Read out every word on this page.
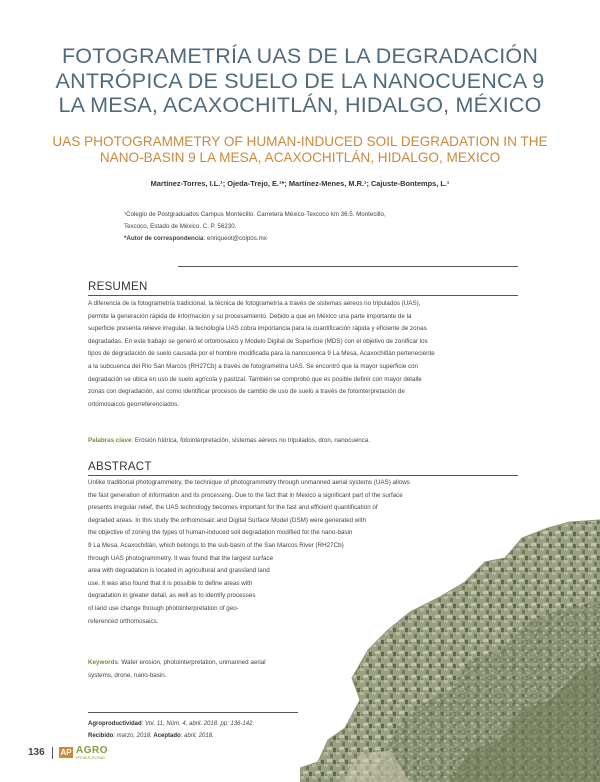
FOTOGRAMETRÍA UAS DE LA DEGRADACIÓN
ANTRÓPICA DE SUELO DE LA NANOCUENCA 9
LA MESA, ACAXOCHITLÁN, HIDALGO, MÉXICO
UAS PHOTOGRAMMETRY OF HUMAN-INDUCED SOIL DEGRADATION IN THE
NANO-BASIN 9 LA MESA, ACAXOCHITLÁN, HIDALGO, MEXICO
Martínez-Torres, I.L.¹; Ojeda-Trejo, E.¹*; Martínez-Menes, M.R.¹; Cajuste-Bontemps, L.¹
¹Colegio de Postgraduados Campus Montecillo. Carretera México-Texcoco km 36.5. Montecillo,
Texcoco, Estado de México. C. P. 56230.
*Autor de correspondencia: enriqueot@colpos.mx
RESUMEN
A diferencia de la fotogrametría tradicional, la técnica de fotogrametría a través de sistemas aéreos no tripulados (UAS),
permite la generación rápida de información y su procesamiento. Debido a que en México una parte importante de la
superficie presenta relieve irregular, la tecnología UAS cobra importancia para la cuantificación rápida y eficiente de zonas
degradadas. En este trabajo se generó el ortomosaico y Modelo Digital de Superficie (MDS) con el objetivo de zonificar los
tipos de degradación de suelo causada por el hombre modificada para la nanocuenca 9 La Mesa, Acaxochitlán perteneciente
a la subcuenca del Río San Marcos (RH27Cb) a través de fotogrametría UAS. Se encontró que la mayor superficie con
degradación se ubica en uso de suelo agrícola y pastizal. También se comprobó que es posible definir con mayor detalle
zonas con degradación, así como identificar procesos de cambio de uso de suelo a través de fotointerpretación de
ortomosaicos georreferenciados.
Palabras clave: Erosión hídrica, fotointerpretación, sistemas aéreos no tripulados, dron, nanocuenca.
ABSTRACT
Unlike traditional photogrammetry, the technique of photogrammetry through unmanned aerial systems (UAS) allows
the fast generation of information and its processing. Due to the fact that in Mexico a significant part of the surface
presents irregular relief, the UAS technology becomes important for the fast and efficient quantification of
degraded areas. In this study the orthomosaic and Digital Surface Model (DSM) were generated with
the objective of zoning the types of human-induced soil degradation modified for the nano-basin
9 La Mesa, Acaxochitlán, which belongs to the sub-basin of the San Marcos River (RH27Cb)
through UAS photogrammetry. It was found that the largest surface
area with degradation is located in agricultural and grassland land
use. It was also found that it is possible to define areas with
degradation in greater detail, as well as to identify processes
of land use change through photointerpretation of geo-
referenced orthomosaics.
Keywords: Water erosion, photointerpretation, unmanned aerial
systems, drone, nano-basin.
Agroproductividad: Vol. 11, Núm. 4, abril. 2018. pp: 136-142.
Recibido: marzo, 2018. Aceptado: abril, 2018.
136 AP AGRO
PRODUCTIVIDAD
